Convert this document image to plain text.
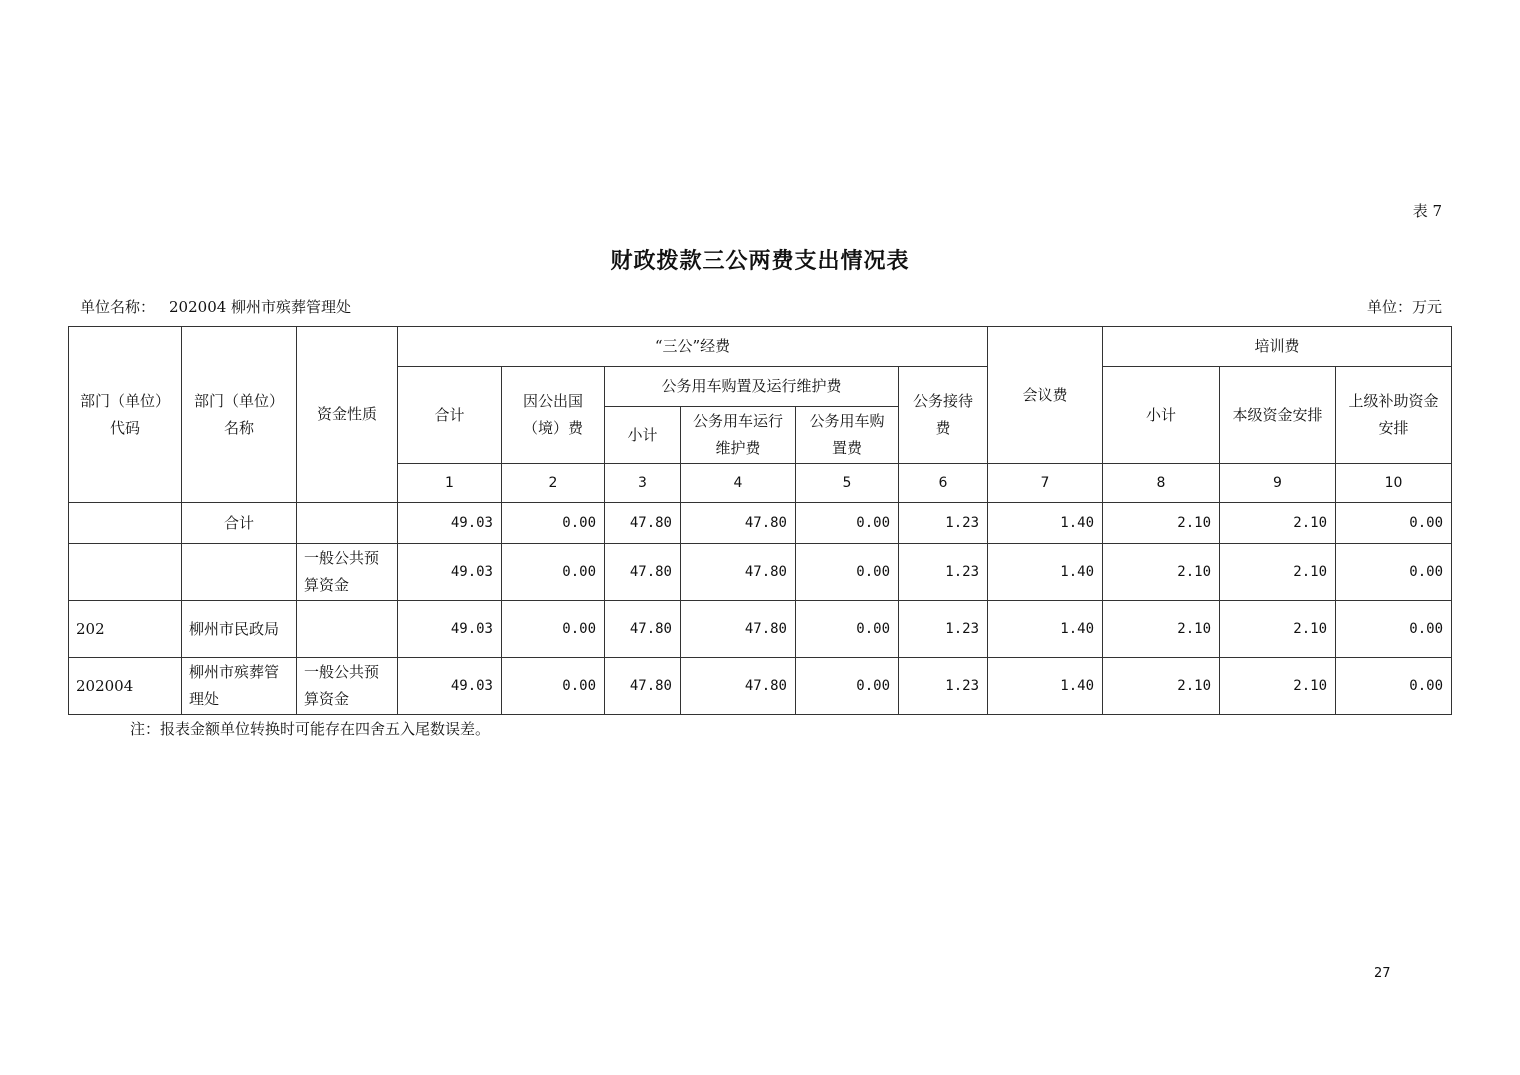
表 7
财政拨款三公两费支出情况表
单位名称： 202004 柳州市殡葬管理处	单位：万元
部门（单位）代码	部门（单位）名称	资金性质	“三公”经费						会议费	培训费		
			合计	因公出国（境）费	公务用车购置及运行维护费			公务接待费		小计	本级资金安排	上级补助资金安排
					小计	公务用车运行维护费	公务用车购置费					
			1	2	3	4	5	6	7	8	9	10
	合计		49.03	0.00	47.80	47.80	0.00	1.23	1.40	2.10	2.10	0.00
		一般公共预算资金	49.03	0.00	47.80	47.80	0.00	1.23	1.40	2.10	2.10	0.00
202	柳州市民政局		49.03	0.00	47.80	47.80	0.00	1.23	1.40	2.10	2.10	0.00
202004	柳州市殡葬管理处	一般公共预算资金	49.03	0.00	47.80	47.80	0.00	1.23	1.40	2.10	2.10	0.00
注：报表金额单位转换时可能存在四舍五入尾数误差。
27
